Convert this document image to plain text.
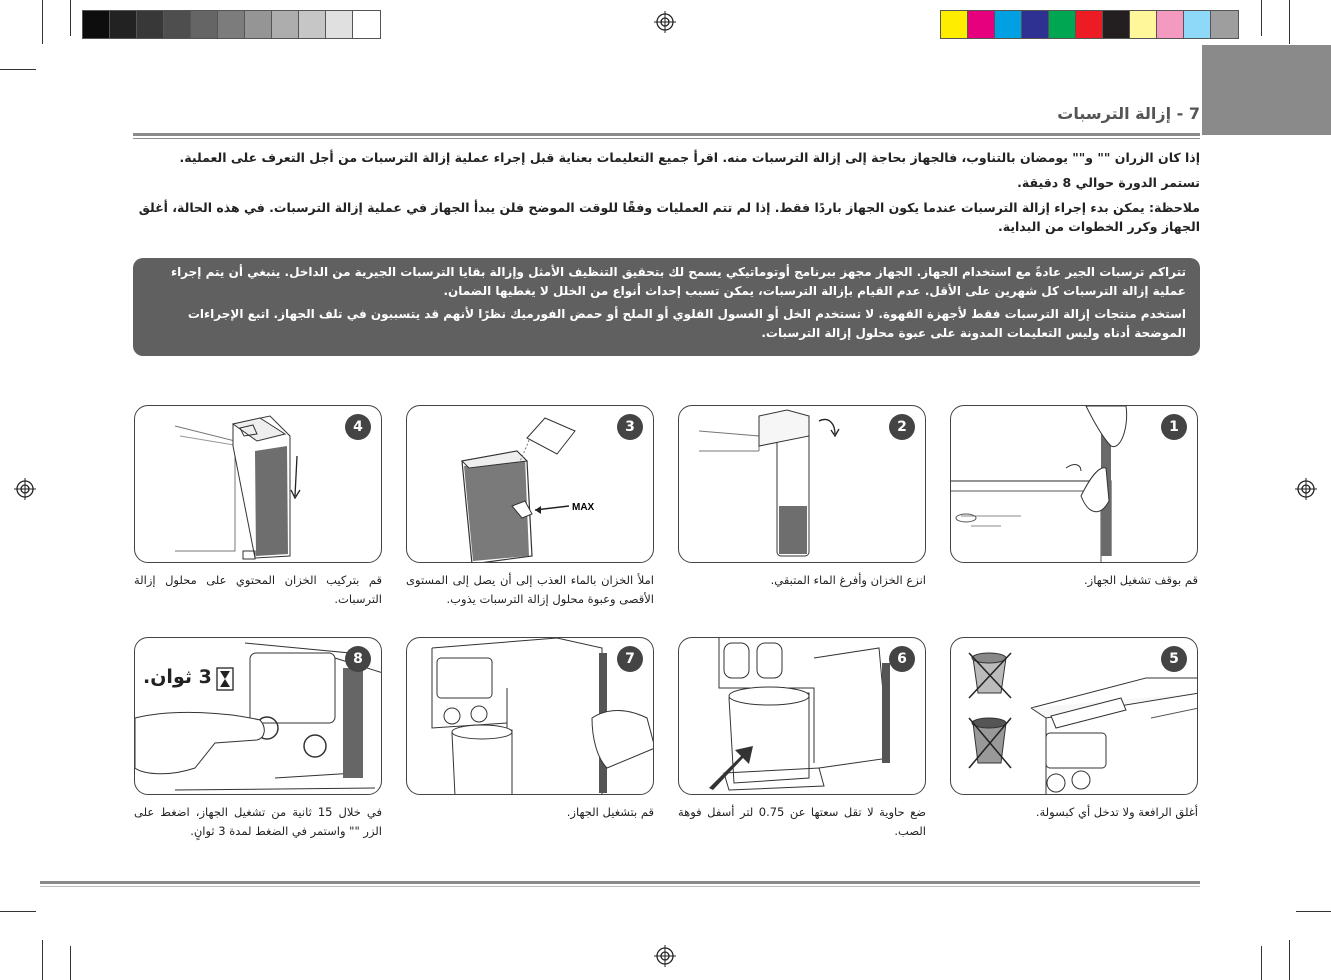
7 - إزالة الترسبات
إذا كان الزران "" و"" يومضان بالتناوب، فالجهاز بحاجة إلى إزالة الترسبات منه. اقرأ جميع التعليمات بعناية قبل إجراء عملية إزالة الترسبات من أجل التعرف على العملية.
تستمر الدورة حوالي 8 دقيقة.
ملاحظة: يمكن بدء إجراء إزالة الترسبات عندما يكون الجهاز باردًا فقط. إذا لم تتم العمليات وفقًا للوقت الموضح فلن يبدأ الجهاز في عملية إزالة الترسبات. في هذه الحالة، أغلق الجهاز وكرر الخطوات من البداية.

تتراكم ترسبات الجير عادةً مع استخدام الجهاز. الجهاز مجهز ببرنامج أوتوماتيكي يسمح لك بتحقيق التنظيف الأمثل وإزالة بقايا الترسبات الجيرية من الداخل. ينبغي أن يتم إجراء عملية إزالة الترسبات كل شهرين على الأقل. عدم القيام بإزالة الترسبات، يمكن تسبب إحداث أنواع من الخلل لا يغطيها الضمان.

استخدم منتجات إزالة الترسبات فقط لأجهزة القهوة. لا تستخدم الخل أو الغسول القلوي أو الملح أو حمض الفورميك نظرًا لأنهم قد يتسببون في تلف الجهاز. اتبع الإجراءات الموضحة أدناه وليس التعليمات المدونة على عبوة محلول إزالة الترسبات.

1
قم بوقف تشغيل الجهاز.
2
انزع الخزان وأفرغ الماء المتبقي.
MAX
3
املأ الخزان بالماء العذب إلى أن يصل إلى المستوى الأقصى وعبوة محلول إزالة الترسبات يذوب.
4
قم بتركيب الخزان المحتوي على محلول إزالة الترسبات.
5
أغلق الرافعة ولا تدخل أي كبسولة.
6
ضع حاوية لا تقل سعتها عن 0.75 لتر أسفل فوهة الصب.
7
قم بتشغيل الجهاز.
3 ثوان.
8
في خلال 15 ثانية من تشغيل الجهاز، اضغط على الزر "" واستمر في الضغط لمدة 3 ثوانٍ.
